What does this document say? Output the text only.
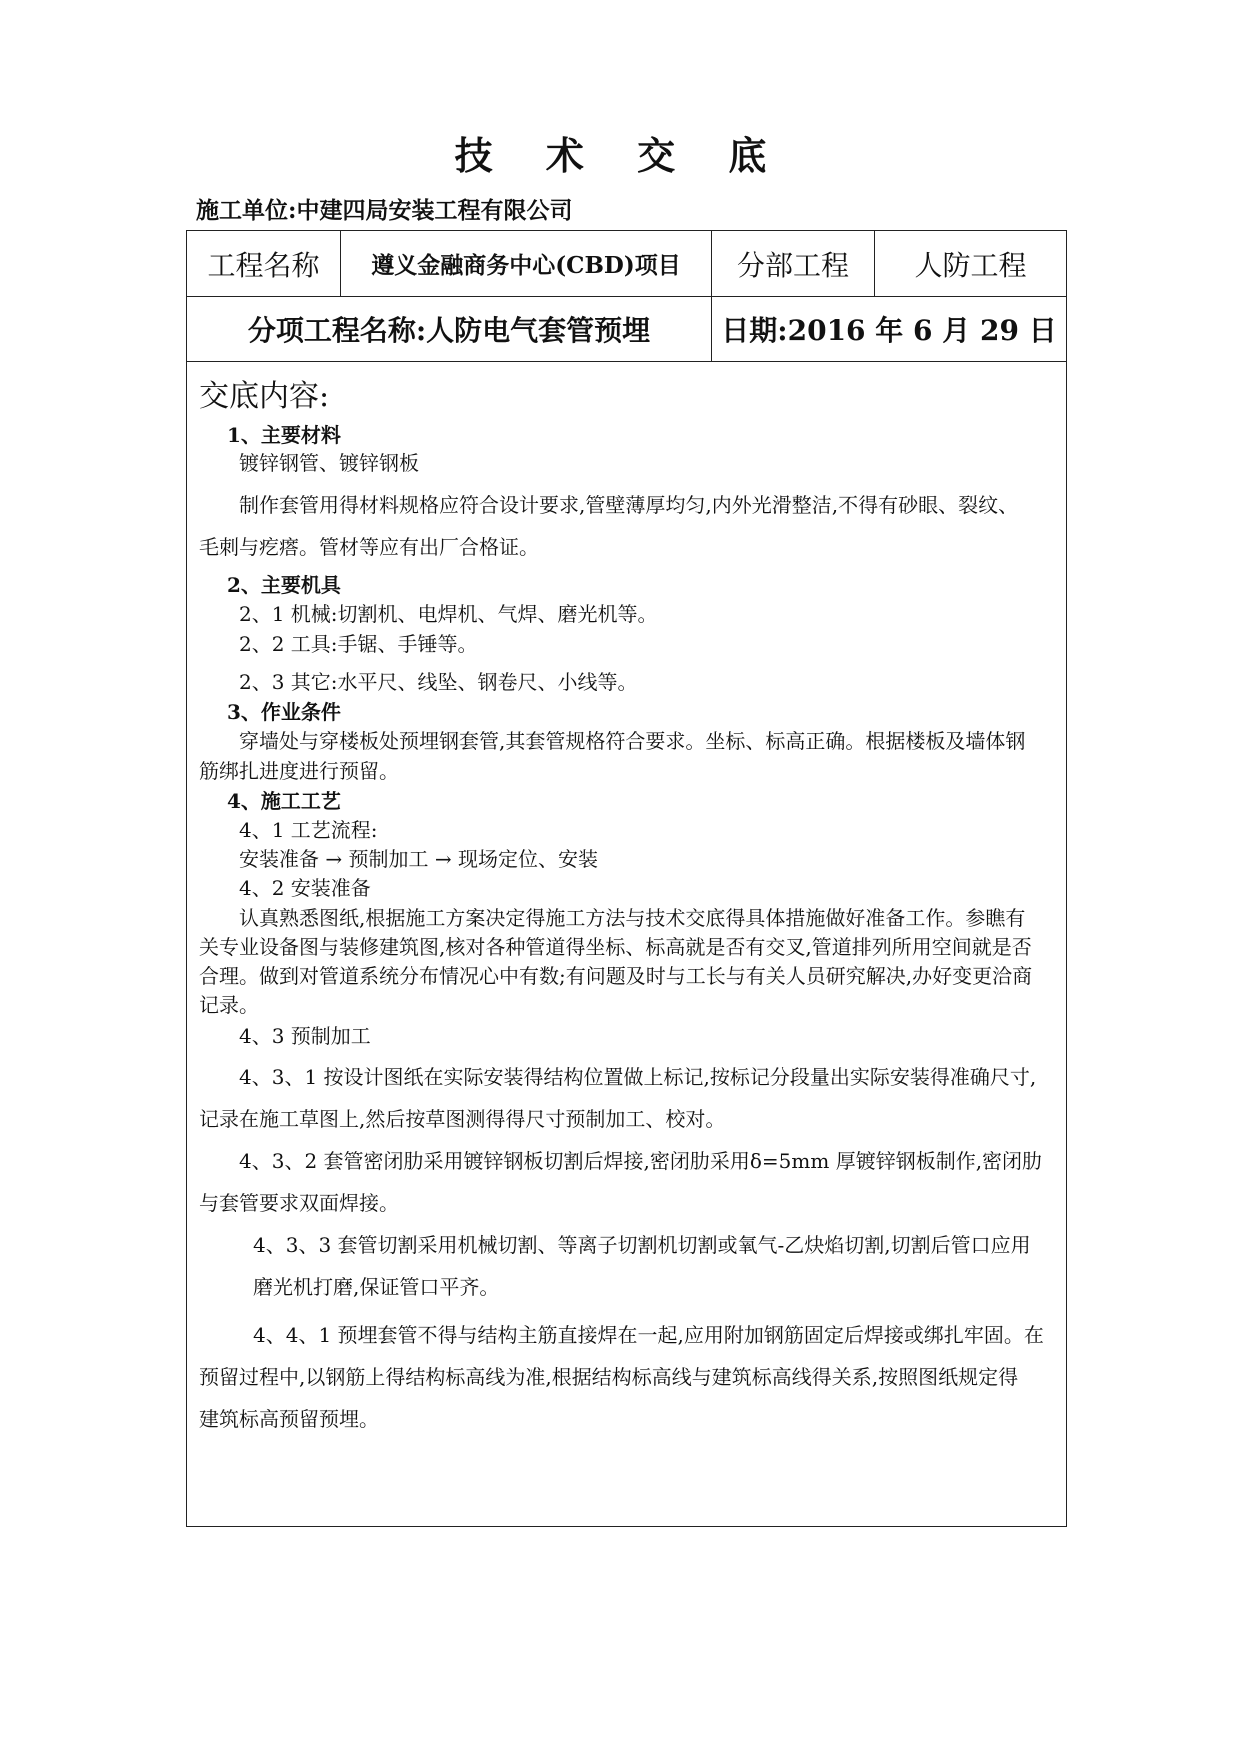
技 术 交 底
施工单位:中建四局安装工程有限公司
工程名称	遵义金融商务中心(CBD)项目	分部工程	人防工程
分项工程名称:人防电气套管预埋	日期:2016 年 6 月 29 日
交底内容:
1、主要材料
镀锌钢管、镀锌钢板
制作套管用得材料规格应符合设计要求,管壁薄厚均匀,内外光滑整洁,不得有砂眼、裂纹、
毛刺与疙瘩。管材等应有出厂合格证。
2、主要机具
2、1 机械:切割机、电焊机、气焊、磨光机等。
2、2 工具:手锯、手锤等。
2、3 其它:水平尺、线坠、钢卷尺、小线等。
3、作业条件
穿墙处与穿楼板处预埋钢套管,其套管规格符合要求。坐标、标高正确。根据楼板及墙体钢
筋绑扎进度进行预留。
4、施工工艺
4、1 工艺流程:
安装准备 → 预制加工 → 现场定位、安装
4、2 安装准备
认真熟悉图纸,根据施工方案决定得施工方法与技术交底得具体措施做好准备工作。参瞧有
关专业设备图与装修建筑图,核对各种管道得坐标、标高就是否有交叉,管道排列所用空间就是否
合理。做到对管道系统分布情况心中有数;有问题及时与工长与有关人员研究解决,办好变更洽商
记录。
4、3 预制加工
4、3、1 按设计图纸在实际安装得结构位置做上标记,按标记分段量出实际安装得准确尺寸,
记录在施工草图上,然后按草图测得得尺寸预制加工、校对。
4、3、2 套管密闭肋采用镀锌钢板切割后焊接,密闭肋采用δ=5mm 厚镀锌钢板制作,密闭肋
与套管要求双面焊接。
4、3、3 套管切割采用机械切割、等离子切割机切割或氧气-乙炔焰切割,切割后管口应用
磨光机打磨,保证管口平齐。
4、4、1 预埋套管不得与结构主筋直接焊在一起,应用附加钢筋固定后焊接或绑扎牢固。在
预留过程中,以钢筋上得结构标高线为准,根据结构标高线与建筑标高线得关系,按照图纸规定得
建筑标高预留预埋。
